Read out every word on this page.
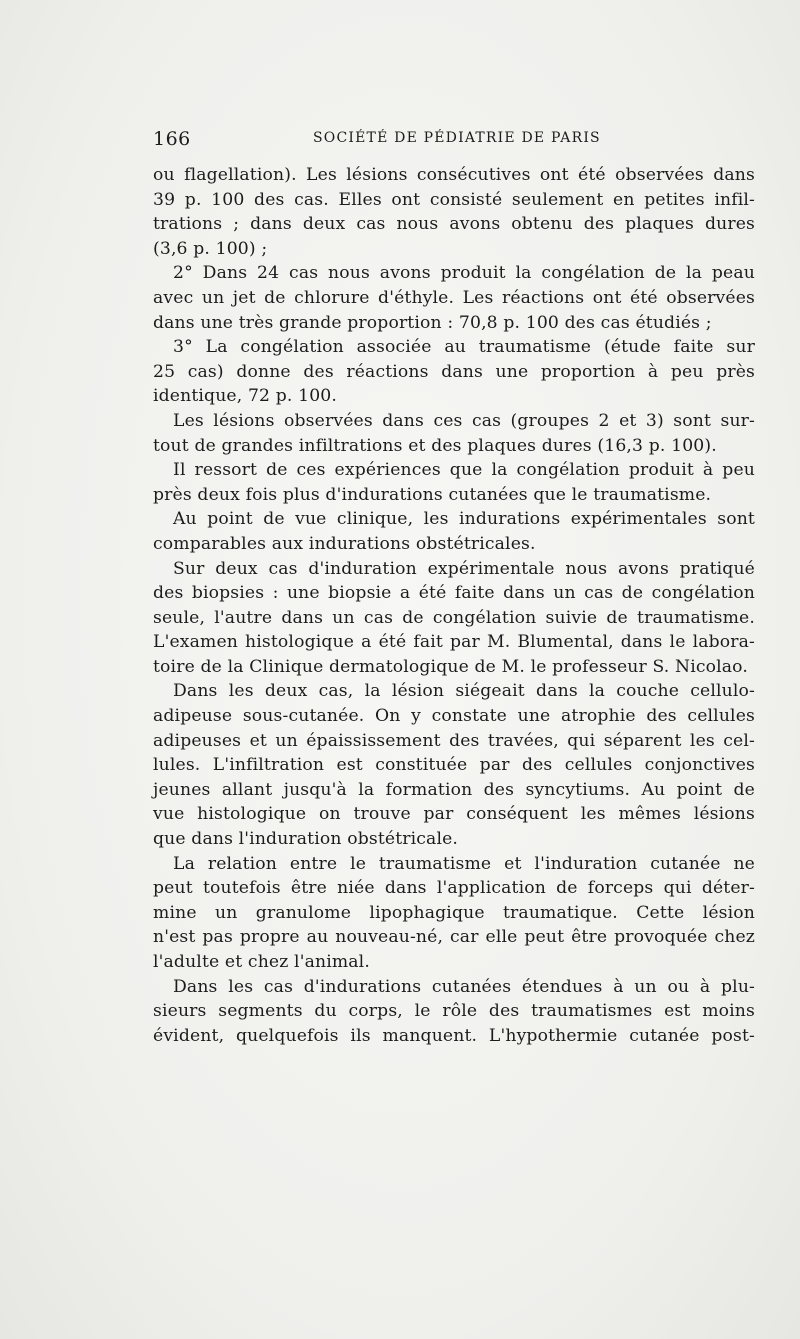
166	SOCIÉTÉ DE PÉDIATRIE DE PARIS
ou flagellation). Les lésions consécutives ont été observées dans
39 p. 100 des cas. Elles ont consisté seulement en petites infil-
trations ; dans deux cas nous avons obtenu des plaques dures
(3,6 p. 100) ;
2° Dans 24 cas nous avons produit la congélation de la peau
avec un jet de chlorure d'éthyle. Les réactions ont été observées
dans une très grande proportion : 70,8 p. 100 des cas étudiés ;
3° La congélation associée au traumatisme (étude faite sur
25 cas) donne des réactions dans une proportion à peu près
identique, 72 p. 100.
Les lésions observées dans ces cas (groupes 2 et 3) sont sur-
tout de grandes infiltrations et des plaques dures (16,3 p. 100).
Il ressort de ces expériences que la congélation produit à peu
près deux fois plus d'indurations cutanées que le traumatisme.
Au point de vue clinique, les indurations expérimentales sont
comparables aux indurations obstétricales.
Sur deux cas d'induration expérimentale nous avons pratiqué
des biopsies : une biopsie a été faite dans un cas de congélation
seule, l'autre dans un cas de congélation suivie de traumatisme.
L'examen histologique a été fait par M. Blumental, dans le labora-
toire de la Clinique dermatologique de M. le professeur S. Nicolao.
Dans les deux cas, la lésion siégeait dans la couche cellulo-
adipeuse sous-cutanée. On y constate une atrophie des cellules
adipeuses et un épaississement des travées, qui séparent les cel-
lules. L'infiltration est constituée par des cellules conjonctives
jeunes allant jusqu'à la formation des syncytiums. Au point de
vue histologique on trouve par conséquent les mêmes lésions
que dans l'induration obstétricale.
La relation entre le traumatisme et l'induration cutanée ne
peut toutefois être niée dans l'application de forceps qui déter-
mine un granulome lipophagique traumatique. Cette lésion
n'est pas propre au nouveau-né, car elle peut être provoquée chez
l'adulte et chez l'animal.
Dans les cas d'indurations cutanées étendues à un ou à plu-
sieurs segments du corps, le rôle des traumatismes est moins
évident, quelquefois ils manquent. L'hypothermie cutanée post-
